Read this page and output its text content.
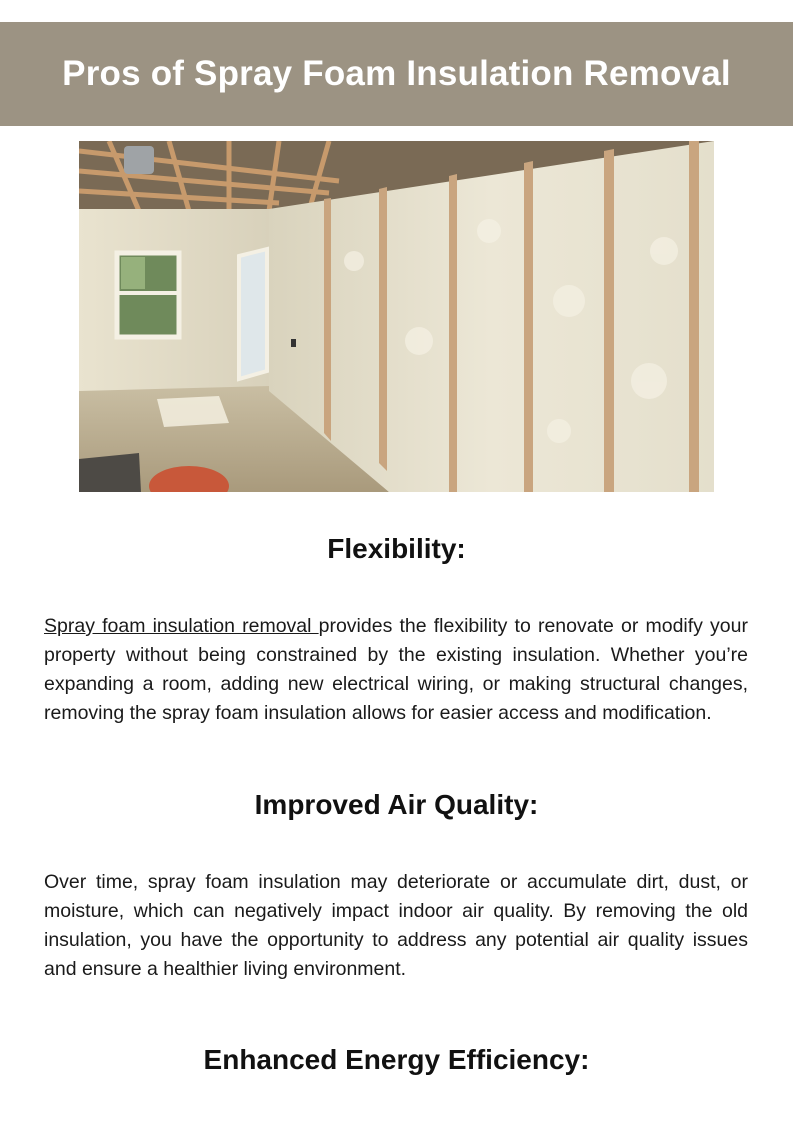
Pros of Spray Foam Insulation Removal
Flexibility:

Spray foam insulation removal provides the flexibility to renovate or modify your property without being constrained by the existing insulation. Whether you’re expanding a room, adding new electrical wiring, or making structural changes, removing the spray foam insulation allows for easier access and modification.

Improved Air Quality:

Over time, spray foam insulation may deteriorate or accumulate dirt, dust, or moisture, which can negatively impact indoor air quality. By removing the old insulation, you have the opportunity to address any potential air quality issues and ensure a healthier living environment.

Enhanced Energy Efficiency:
